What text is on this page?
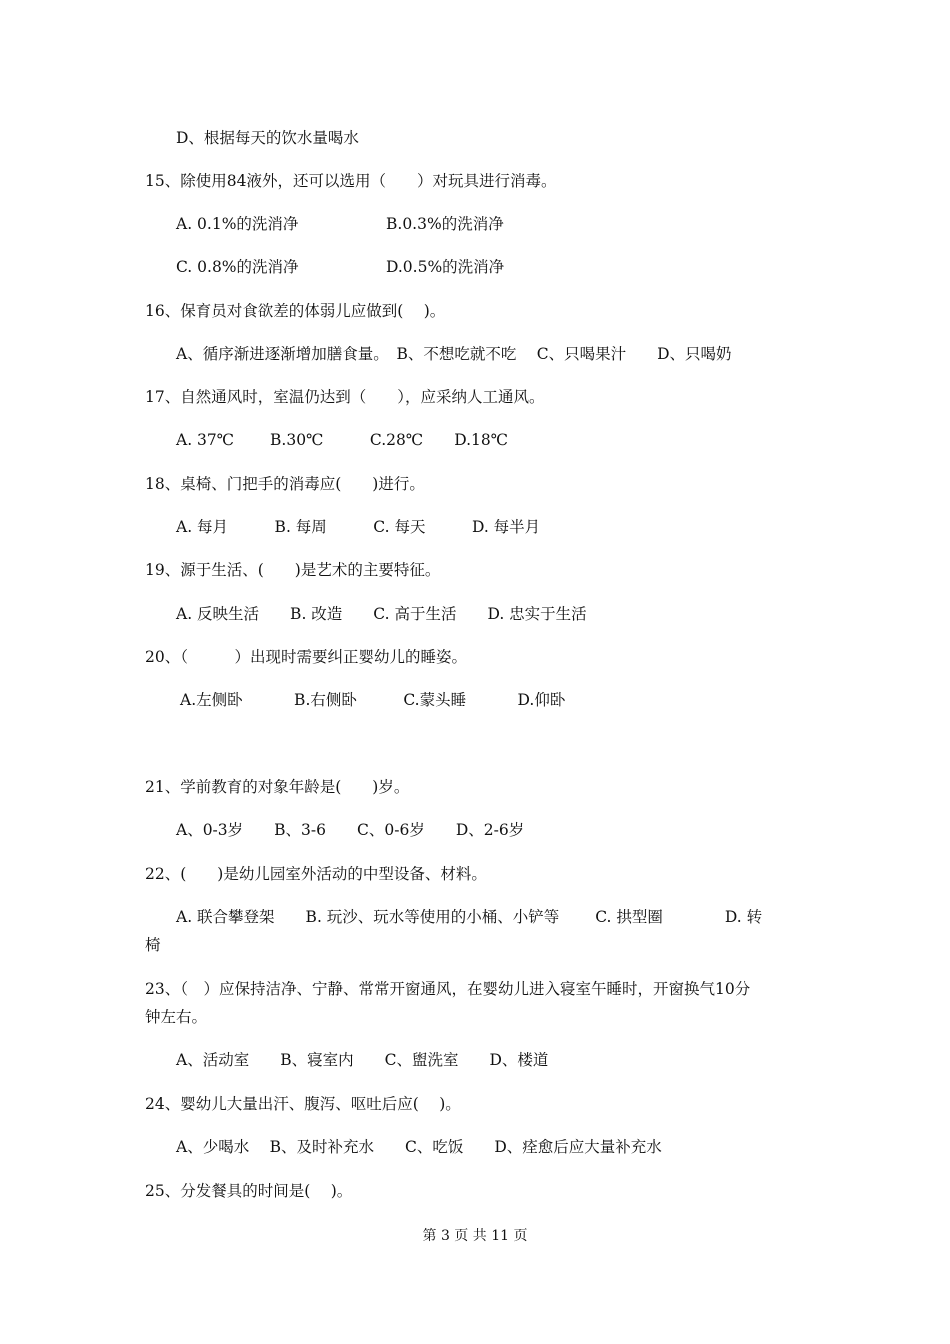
D、根据每天的饮水量喝水
15、除使用84液外，还可以选用（　　）对玩具进行消毒。
A. 0.1%的洗消净	B.0.3%的洗消净
C. 0.8%的洗消净	D.0.5%的洗消净
16、保育员对食欲差的体弱儿应做到(　 )。
A、循序渐进逐渐增加膳食量。　B、不想吃就不吃　 C、只喝果汁　　D、只喝奶
17、自然通风时，室温仍达到（　　），应采纳人工通风。
A. 37℃　　 B.30℃　　　C.28℃　　D.18℃
18、桌椅、门把手的消毒应(　　)进行。
A. 每月　　　B. 每周　　　C. 每天　　　D. 每半月
19、源于生活、(　　)是艺术的主要特征。
A. 反映生活　　B. 改造　　C. 高于生活　　D. 忠实于生活
20、（　　　）出现时需要纠正婴幼儿的睡姿。
A.左侧卧　　　 B.右侧卧　　　C.蒙头睡　　　 D.仰卧
21、学前教育的对象年龄是(　　)岁。
A、0-3岁　　B、3-6　　C、0-6岁　　D、2-6岁
22、(　　)是幼儿园室外活动的中型设备、材料。
A. 联合攀登架　　B. 玩沙、玩水等使用的小桶、小铲等　　 C. 拱型圈　　　　D. 转
椅
23、（　）应保持洁净、宁静、常常开窗通风，在婴幼儿进入寝室午睡时，开窗换气10分
钟左右。
A、活动室　　B、寝室内　　C、盥洗室　　D、楼道
24、婴幼儿大量出汗、腹泻、呕吐后应(　 )。
A、少喝水　 B、及时补充水　　C、吃饭　　D、痊愈后应大量补充水
25、分发餐具的时间是(　 )。
第 3 页 共 11 页
